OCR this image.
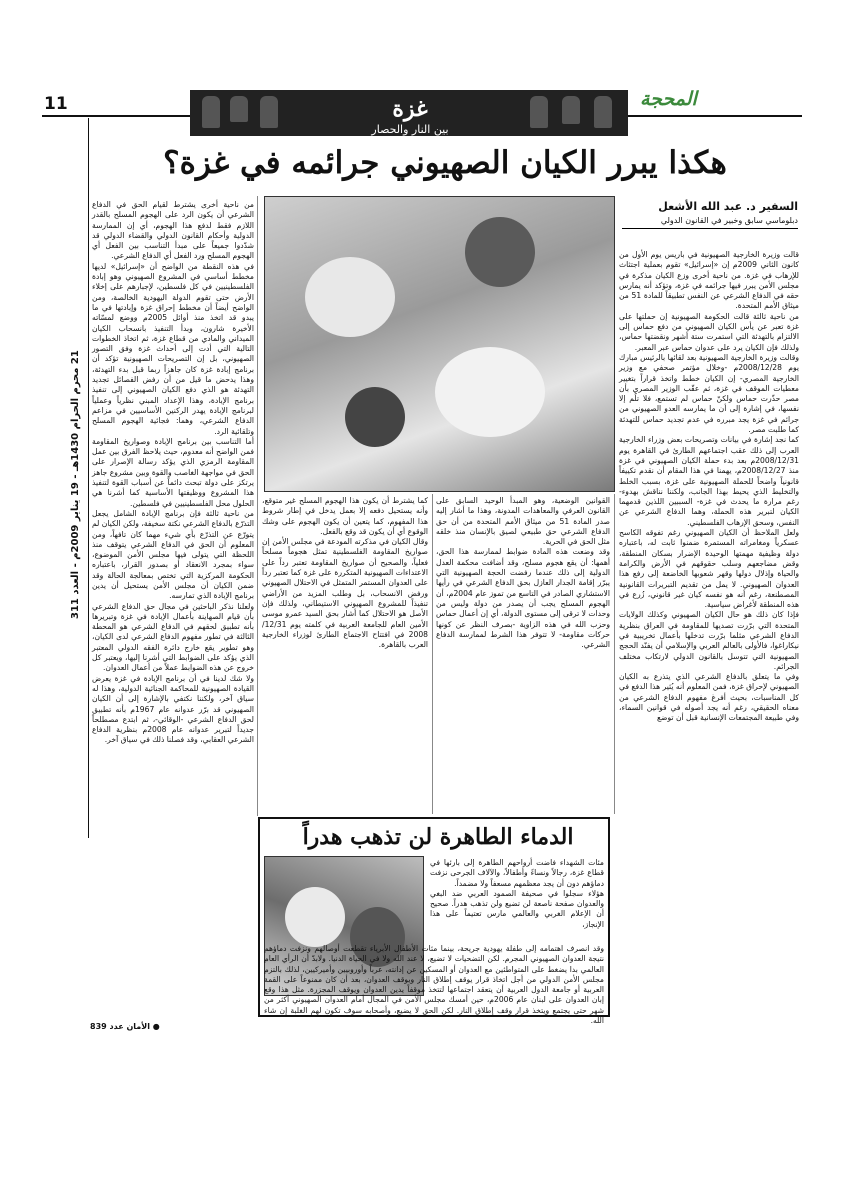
11	المحجة
21 محرم الحرام 1430هـ - 19 يناير 2009م - العدد 311
غزة
بين النار والحصار
هكذا يبرر الكيان الصهيوني جرائمه في غزة؟
السفير د. عبد الله الأشعل
دبلوماسي سابق وخبير في القانون الدولي
قالت وزيرة الخارجية الصهيونية في باريس يوم الأول من كانون الثاني 2009م إن «إسرائيل» تقوم بعملية اجتثاث للإرهاب في غزة. من ناحية أخرى وزع الكيان مذكرة في مجلس الأمن يبرر فيها جرائمه في غزة، وتؤكد أنه يمارس حقه في الدفاع الشرعي عن النفس تطبيقاً للمادة 51 من ميثاق الأمم المتحدة.
من ناحية ثالثة قالت الحكومة الصهيونية إن حملتها على غزة تعبر عن يأس الكيان الصهيوني من دفع حماس إلى الالتزام بالتهدئة التي استمرت ستة أشهر ونقضتها حماس، ولذلك فإن الكيان يرد على عدوان حماس عبر المعبر.
وقالت وزيرة الخارجية الصهيونية بعد لقائها بالرئيس مبارك يوم 2008/12/28م -وخلال مؤتمر صحفي مع وزير الخارجية المصري- إن الكيان خطط واتخذ قراراً بتغيير معطيات الموقف في غزة، ثم عقّب الوزير المصري بأن مصر حذّرت حماس ولكنّ حماس لم تستمع، فلا تلُم إلا نفسها، في إشارة إلى أن ما يمارسه العدو الصهيوني من جرائم في غزة يجد مبرره في عدم تجديد حماس للتهدئة كما طلبت مصر.
كما نجد إشارة في بيانات وتصريحات بعض وزراء الخارجية العرب إلى ذلك عقب اجتماعهم الطارئ في القاهرة يوم 2008/12/31م بعد بدء حملة الكيان الصهيوني في غزة منذ 2008/12/27م، يهمنا في هذا المقام أن نقدم تكييفاً قانونياً واضحاً للحملة الصهيونية على غزة، بسبب الخلط والتخليط الذي يحيط بهذا الجانب، ولكننا نناقش بهدوء- رغم مرارة ما يحدث في غزة- السببين اللذين قدمهما الكيان لتبرير هذه الحملة، وهما الدفاع الشرعي عن النفس، وسحق الإرهاب الفلسطيني.
ولعل الملاحظ أن الكيان الصهيوني رغم تفوقه الكاسح عسكرياً ومغامراته المستمرة ضمنوا ثابت له، باعتباره دولة وظيفية مهمتها الوحيدة الإضرار بسكان المنطقة، وقض مضاجعهم وسلب حقوقهم في الأرض والكرامة والحياة وإذلال دولها وقهر شعوبها الخاضعة إلى رفع هذا العدوان الصهيوني. لا يمل من تقديم التبريرات القانونية المصطنعة، رغم أنه هو نفسه كيان غير قانوني، زُرع في هذه المنطقة لأغراض سياسية.
فإذا كان ذلك هو حال الكيان الصهيوني وكذلك الولايات المتحدة التي برّرت تصديها للمقاومة في العراق بنظرية الدفاع الشرعي مثلما برّرت تدخلها بأعمال تخريبية في نيكاراغوا، فالأولى بالعالم العربي والإسلامي أن يفنّد الحجج الصهيونية التي تتوسل بالقانون الدولي لارتكاب مختلف الجرائم.
وفي ما يتعلق بالدفاع الشرعي الذي يتذرع به الكيان الصهيوني لإحراق غزة، فمن المعلوم أنه يُثير هذا الدفع في كل المناسبات، بحيث أفرغ مفهوم الدفاع الشرعي من معناه الحقيقي، رغم أنه يجد أصوله في قوانين السماء، وفي طبيعة المجتمعات الإنسانية قبل أن توضع
القوانين الوضعية، وهو المبدأ الوحيد السابق على القانون العرفي والمعاهدات المدونة، وهذا ما أشار إليه صدر المادة 51 من ميثاق الأمم المتحدة من أن حق الدفاع الشرعي حق طبيعي لصيق بالإنسان منذ خلقه مثل الحق في الحرية.
وقد وضعت هذه المادة ضوابط لممارسة هذا الحق، أهمها: أن يقع هجوم مسلح، وقد أضافت محكمة العدل الدولية إلى ذلك عندما رفضت الحجة الصهيونية التي يبرّر إقامة الجدار العازل بحق الدفاع الشرعي في رأيها الاستشاري الصادر في التاسع من تموز عام 2004م، أن الهجوم المسلح يجب أن يصدر من دولة وليس من وحدات لا ترقى إلى مستوى الدولة، أي إن أعمال حماس وحزب الله في هذه الزاوية -بصرف النظر عن كونها حركات مقاومة- لا تتوفر هذا الشرط لممارسة الدفاع الشرعي.
كما يشترط أن يكون هذا الهجوم المسلح غير متوقع، وأنه يستحيل دفعه إلا بعمل يدخل في إطار شروط هذا المفهوم، كما يتعين أن يكون الهجوم على وشك الوقوع أي أن يكون قد وقع بالفعل.
وقال الكيان في مذكرته المودعة في مجلس الأمن إن صواريخ المقاومة الفلسطينية تمثل هجوماً مسلحاً فعلياً، والصحيح أن صواريخ المقاومة تعتبر رداً على الاعتداءات الصهيونية المتكررة على غزة كما تعتبر رداً على العدوان المستمر المتمثل في الاحتلال الصهيوني ورفض الانسحاب، بل وطلب المزيد من الأراضي تنفيذاً للمشروع الصهيوني الاستيطاني، ولذلك فإن الأصل هو الاحتلال كما أشار بحق السيد عمرو موسى الأمين العام للجامعة العربية في كلمته يوم 12/31/ 2008 في افتتاح الاجتماع الطارئ لوزراء الخارجية العرب بالقاهرة.
من ناحية أخرى يشترط لقيام الحق في الدفاع الشرعي أن يكون الرد على الهجوم المسلح بالقدر اللازم فقط لدفع هذا الهجوم، أي إن الممارسة الدولية وأحكام القانون الدولي والقضاء الدولي قد شدّدوا جميعاً على مبدأ التناسب بين الفعل أي الهجوم المسلح ورد الفعل أي الدفاع الشرعي.
في هذه النقطة من الواضح أن «إسرائيل» لديها مخطط أساسي في المشروع الصهيوني وهو إبادة الفلسطينيين في كل فلسطين، لإجبارهم على إخلاء الأرض حتى تقوم الدولة اليهودية الخالصة، ومن الواضح أيضاً أن مخطط إحراق غزة وإبادتها في ما يبدو قد اتخذ منذ أوائل 2005م ووضع لمسّاته الأخيرة شارون، وبدأ التنفيذ بانسحاب الكيان الميداني والمادي من قطاع غزة، ثم اتخاذ الخطوات التالية التي أدت إلى أحداث غزة وفق التصور الصهيوني، بل إن التصريحات الصهيونية تؤكد أن برنامج إبادة غزة كان جاهزاً ربما قبل بدء التهدئة، وهذا يدحض ما قيل من أن رفض الفصائل تجديد التهدئة هو الذي دفع الكيان الصهيوني إلى تنفيذ برنامج الإبادة، وهذا الإعداد المبني نظرياً وعملياً لبرنامج الإبادة يهدر الركنين الأساسيين في مزاعم الدفاع الشرعي، وهما: فجائية الهجوم المسلح وتلقائية الرد.
أما التناسب بين برنامج الإبادة وصواريخ المقاومة فمن الواضح أنه معدوم، حيث يلاحظ الفرق بين عمل المقاومة الرمزي الذي يؤكد رسالة الإصرار على الحق في مواجهة الغاصب والقوة وبين مشروع جاهز يرتكز على دولة تبحث دائماً عن أسباب القوة لتنفيذ هذا المشروع ووظيفتها الأساسية كما أشرنا هي الحلول محل الفلسطينيين في فلسطين.
من ناحية ثالثة فإن برنامج الإبادة الشامل يجعل التذرّع بالدفاع الشرعي نكتة سخيفة، ولكن الكيان لم يتورّع عن التذرّع بأي شيء مهما كان تافهاً، ومن المعلوم أن الحق في الدفاع الشرعي يتوقف منذ اللحظة التي يتولى فيها مجلس الأمن الموضوع، سواء بمجرد الانعقاد أو بصدور القرار، باعتباره الحكومة المركزية التي تختص بمعالجة الحالة وقد ضمن الكيان أن مجلس الأمن يستحيل أن يدين برنامج الإبادة الذي تمارسه.
ولعلنا نذكر الباحثين في مجال حق الدفاع الشرعي بأن قيام الصهاينة بأعمال الإبادة في غزة وتبريرها بأنه تطبيق لحقهم في الدفاع الشرعي هو المحطة الثالثة في تطور مفهوم الدفاع الشرعي لدى الكيان، وهو تطوير يقع خارج دائرة الفقه الدولي المعتبر الذي يؤكد على الضوابط التي أشرنا إليها، ويعتبر كل خروج عن هذه الضوابط عملاً من أعمال العدوان.
ولا شك لدينا في أن برنامج الإبادة في غزة يعرض القيادة الصهيونية للمحاكمة الجنائية الدولية، وهذا له سياق آخر، ولكننا نكتفي بالإشارة إلى أن الكيان الصهيوني قد برّر عدوانه عام 1967م بأنه تطبيق لحق الدفاع الشرعي -الوقائي-، ثم ابتدع مصطلحاً جديداً لتبرير عدوانه عام 2008م بنظرية الدفاع الشرعي العقابي، وقد فصلنا ذلك في سياق آخر.
الدماء الطاهرة لن تذهب هدراً
مئات الشهداء فاضت أرواحهم الطاهرة إلى بارئها في قطاع غزة، رجالاً ونساءً وأطفالاً، والآلاف الجرحى نزفت دماؤهم دون أن يجد معظمهم مسعفاً ولا مضمداً.
هؤلاء سجلوا في صحيفة الصمود العربي ضد البغي والعدوان صفحة ناصعة لن تضيع ولن تذهب هدراً. صحيح أن الإعلام الغربي والعالمي مارس تعتيماً على هذا الإنجاز،
وقد انصرف اهتمامه إلى طفلة يهودية جريحة، بينما مئات الأطفال الأبرياء تقطعت أوصالهم ونزفت دماؤهم نتيجة العدوان الصهيوني المجرم. لكن التضحيات لا تضيع، لا عند الله ولا في الحياة الدنيا. ولابدّ أن الرأي العام العالمي بدا يضغط على المتواطئين مع العدوان أو المسكين عن إدانته، عرباً وأوروبيين وأميركيين، لذلك بالتزم مجلس الأمن الدولي من أجل اتخاذ قرار يوقف إطلاق النار ويوقف العدوان، بعد أن كان ممنوعاً على القمة العربية أو جامعة الدول العربية أن يتعقد اجتماعها لتتخذ موقفاً يدين العدوان ويوقف المجزرة. مثل هذا وقع إبان العدوان على لبنان عام 2006م، حين أمسك مجلس الأمن في المجال أمام العدوان الصهيوني أكثر من شهر حتى يجتمع ويتخذ قرار وقف إطلاق النار. لكن الحق لا يضيع، وأصحابه سوف تكون لهم الغلبة إن شاء الله.
● الأمان عدد 839
